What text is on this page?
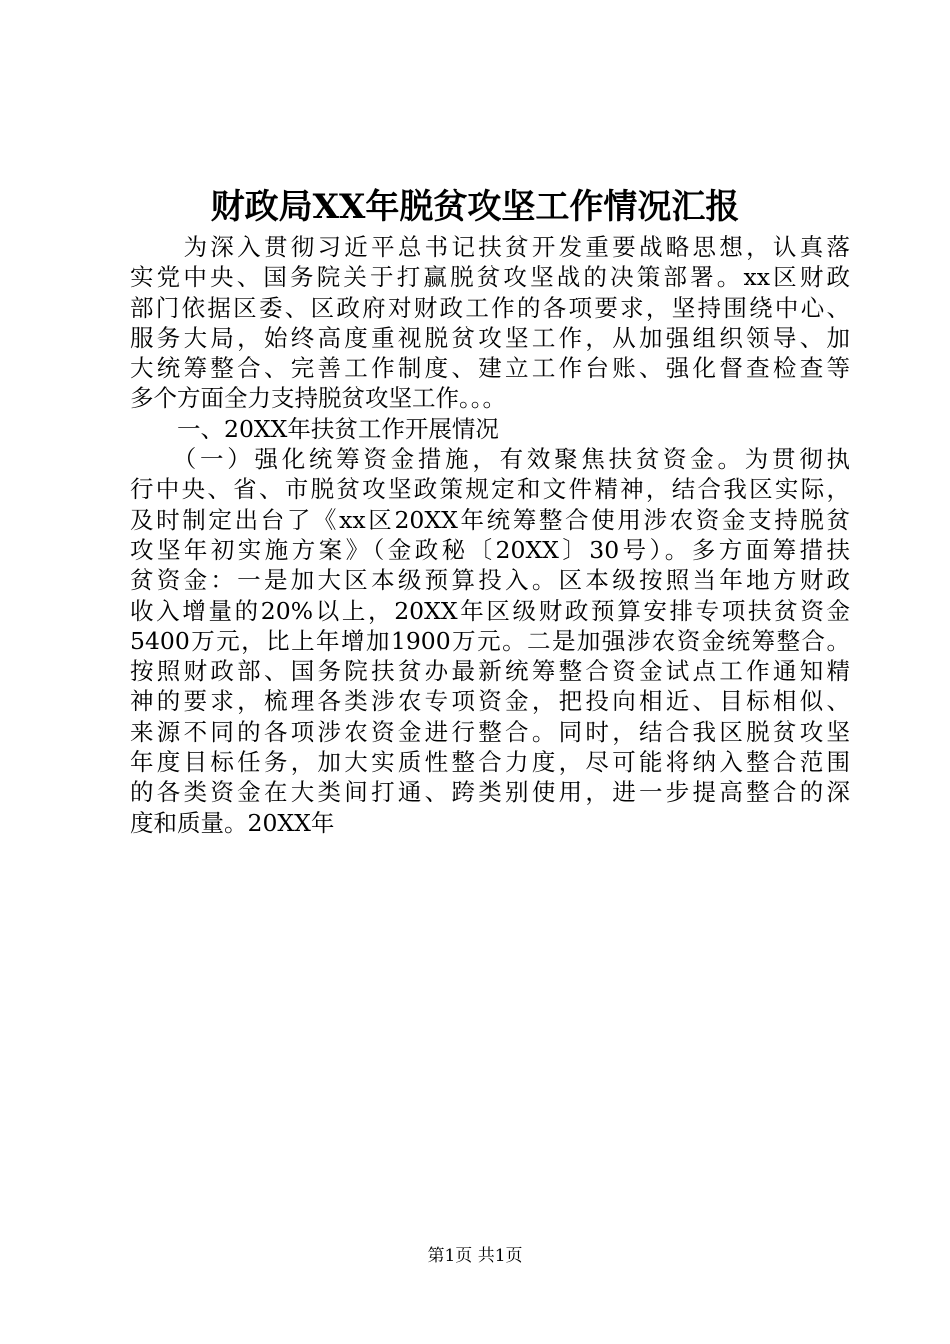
财政局XX年脱贫攻坚工作情况汇报
　　为深入贯彻习近平总书记扶贫开发重要战略思想，认真落
实党中央、国务院关于打赢脱贫攻坚战的决策部署。xx区财政
部门依据区委、区政府对财政工作的各项要求，坚持围绕中心、
服务大局，始终高度重视脱贫攻坚工作，从加强组织领导、加
大统筹整合、完善工作制度、建立工作台账、强化督查检查等
多个方面全力支持脱贫攻坚工作。。。
　　一、20XX年扶贫工作开展情况
　　（一）强化统筹资金措施，有效聚焦扶贫资金。为贯彻执
行中央、省、市脱贫攻坚政策规定和文件精神，结合我区实际，
及时制定出台了《xx区20XX年统筹整合使用涉农资金支持脱贫
攻坚年初实施方案》（金政秘〔20XX〕30号）。多方面筹措扶
贫资金：一是加大区本级预算投入。区本级按照当年地方财政
收入增量的20%以上，20XX年区级财政预算安排专项扶贫资金
5400万元，比上年增加1900万元。二是加强涉农资金统筹整合。
按照财政部、国务院扶贫办最新统筹整合资金试点工作通知精
神的要求，梳理各类涉农专项资金，把投向相近、目标相似、
来源不同的各项涉农资金进行整合。同时，结合我区脱贫攻坚
年度目标任务，加大实质性整合力度，尽可能将纳入整合范围
的各类资金在大类间打通、跨类别使用，进一步提高整合的深
度和质量。20XX年
第1页 共1页
